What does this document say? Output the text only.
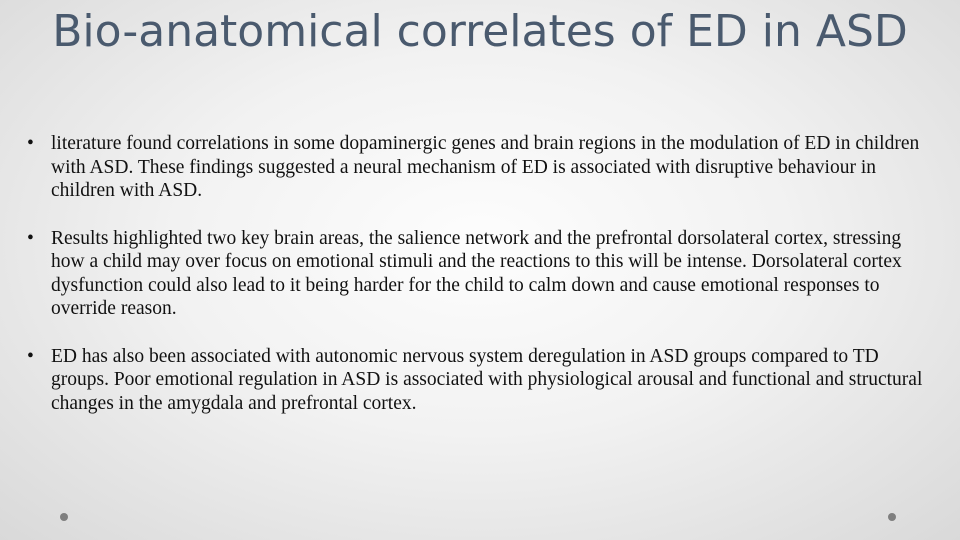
Bio-anatomical correlates of ED in ASD
• literature found correlations in some dopaminergic genes and brain regions in the modulation of ED in children with ASD. These findings suggested a neural mechanism of ED is associated with disruptive behaviour in children with ASD.
• Results highlighted two key brain areas, the salience network and the prefrontal dorsolateral cortex, stressing how a child may over focus on emotional stimuli and the reactions to this will be intense. Dorsolateral cortex dysfunction could also lead to it being harder for the child to calm down and cause emotional responses to override reason.
• ED has also been associated with autonomic nervous system deregulation in ASD groups compared to TD groups. Poor emotional regulation in ASD is associated with physiological arousal and functional and structural changes in the amygdala and prefrontal cortex.
